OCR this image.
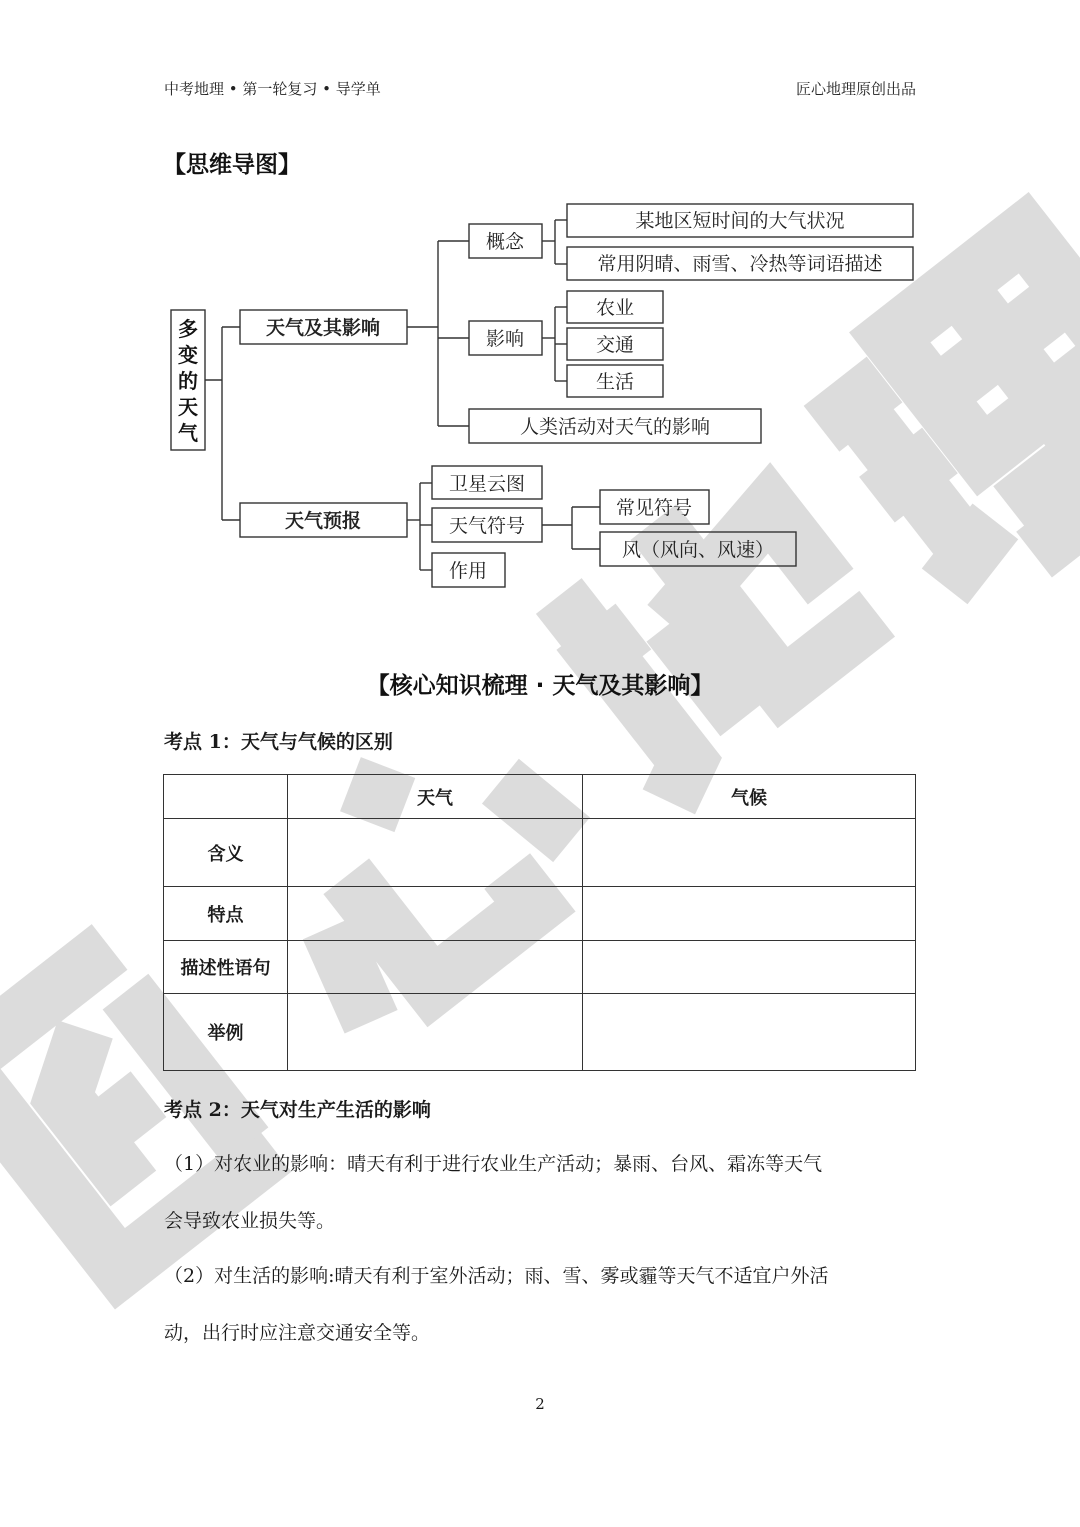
中考地理 • 第一轮复习 • 导学单	匠心地理原创出品
【思维导图】
多
变
的
天
气
天气及其影响
天气预报
概念
某地区短时间的大气状况
常用阴晴、雨雪、冷热等词语描述
影响
农业
交通
生活
人类活动对天气的影响
卫星云图
天气符号
作用
常见符号
风（风向、风速）
【核心知识梳理 · 天气及其影响】
考点 1：天气与气候的区别
	天气	气候
含义		
特点		
描述性语句		
举例		
考点 2：天气对生产生活的影响
（1）对农业的影响：晴天有利于进行农业生产活动；暴雨、台风、霜冻等天气
会导致农业损失等。
（2）对生活的影响:晴天有利于室外活动；雨、雪、雾或霾等天气不适宜户外活
动，出行时应注意交通安全等。
2
